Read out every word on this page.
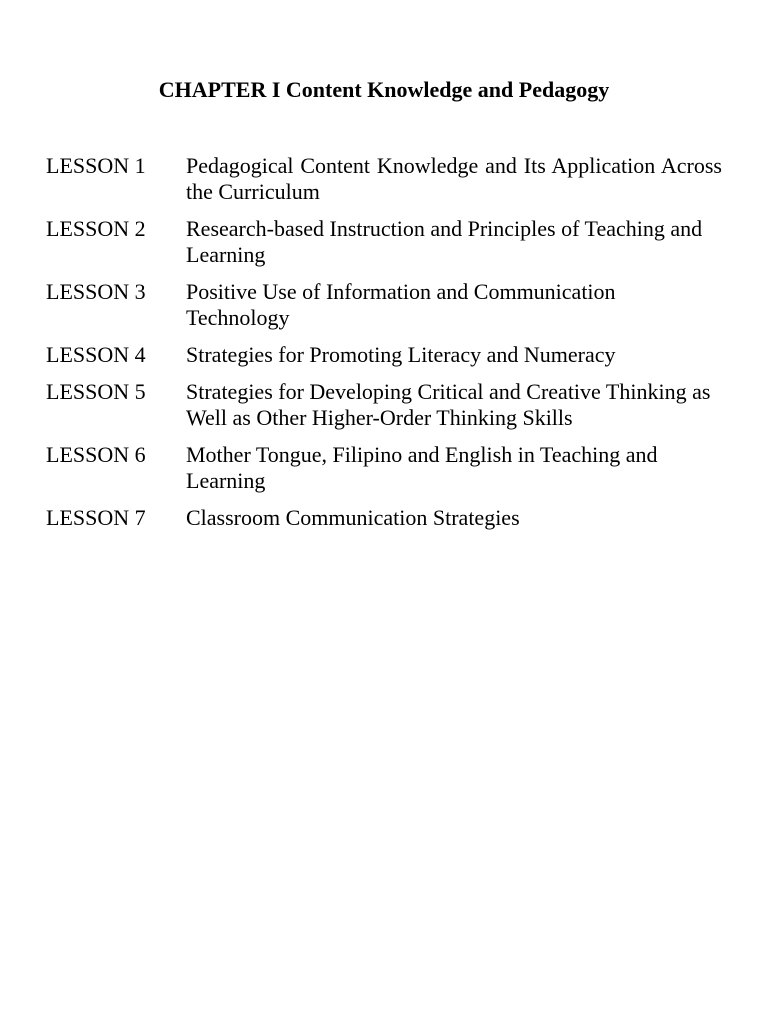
CHAPTER I Content Knowledge and Pedagogy
LESSON 1	Pedagogical Content Knowledge and Its Application Across the Curriculum
LESSON 2	Research-based Instruction and Principles of Teaching and Learning
LESSON 3	Positive Use of Information and Communication Technology
LESSON 4	Strategies for Promoting Literacy and Numeracy
LESSON 5	Strategies for Developing Critical and Creative Thinking as Well as Other Higher-Order Thinking Skills
LESSON 6	Mother Tongue, Filipino and English in Teaching and Learning
LESSON 7	Classroom Communication Strategies
